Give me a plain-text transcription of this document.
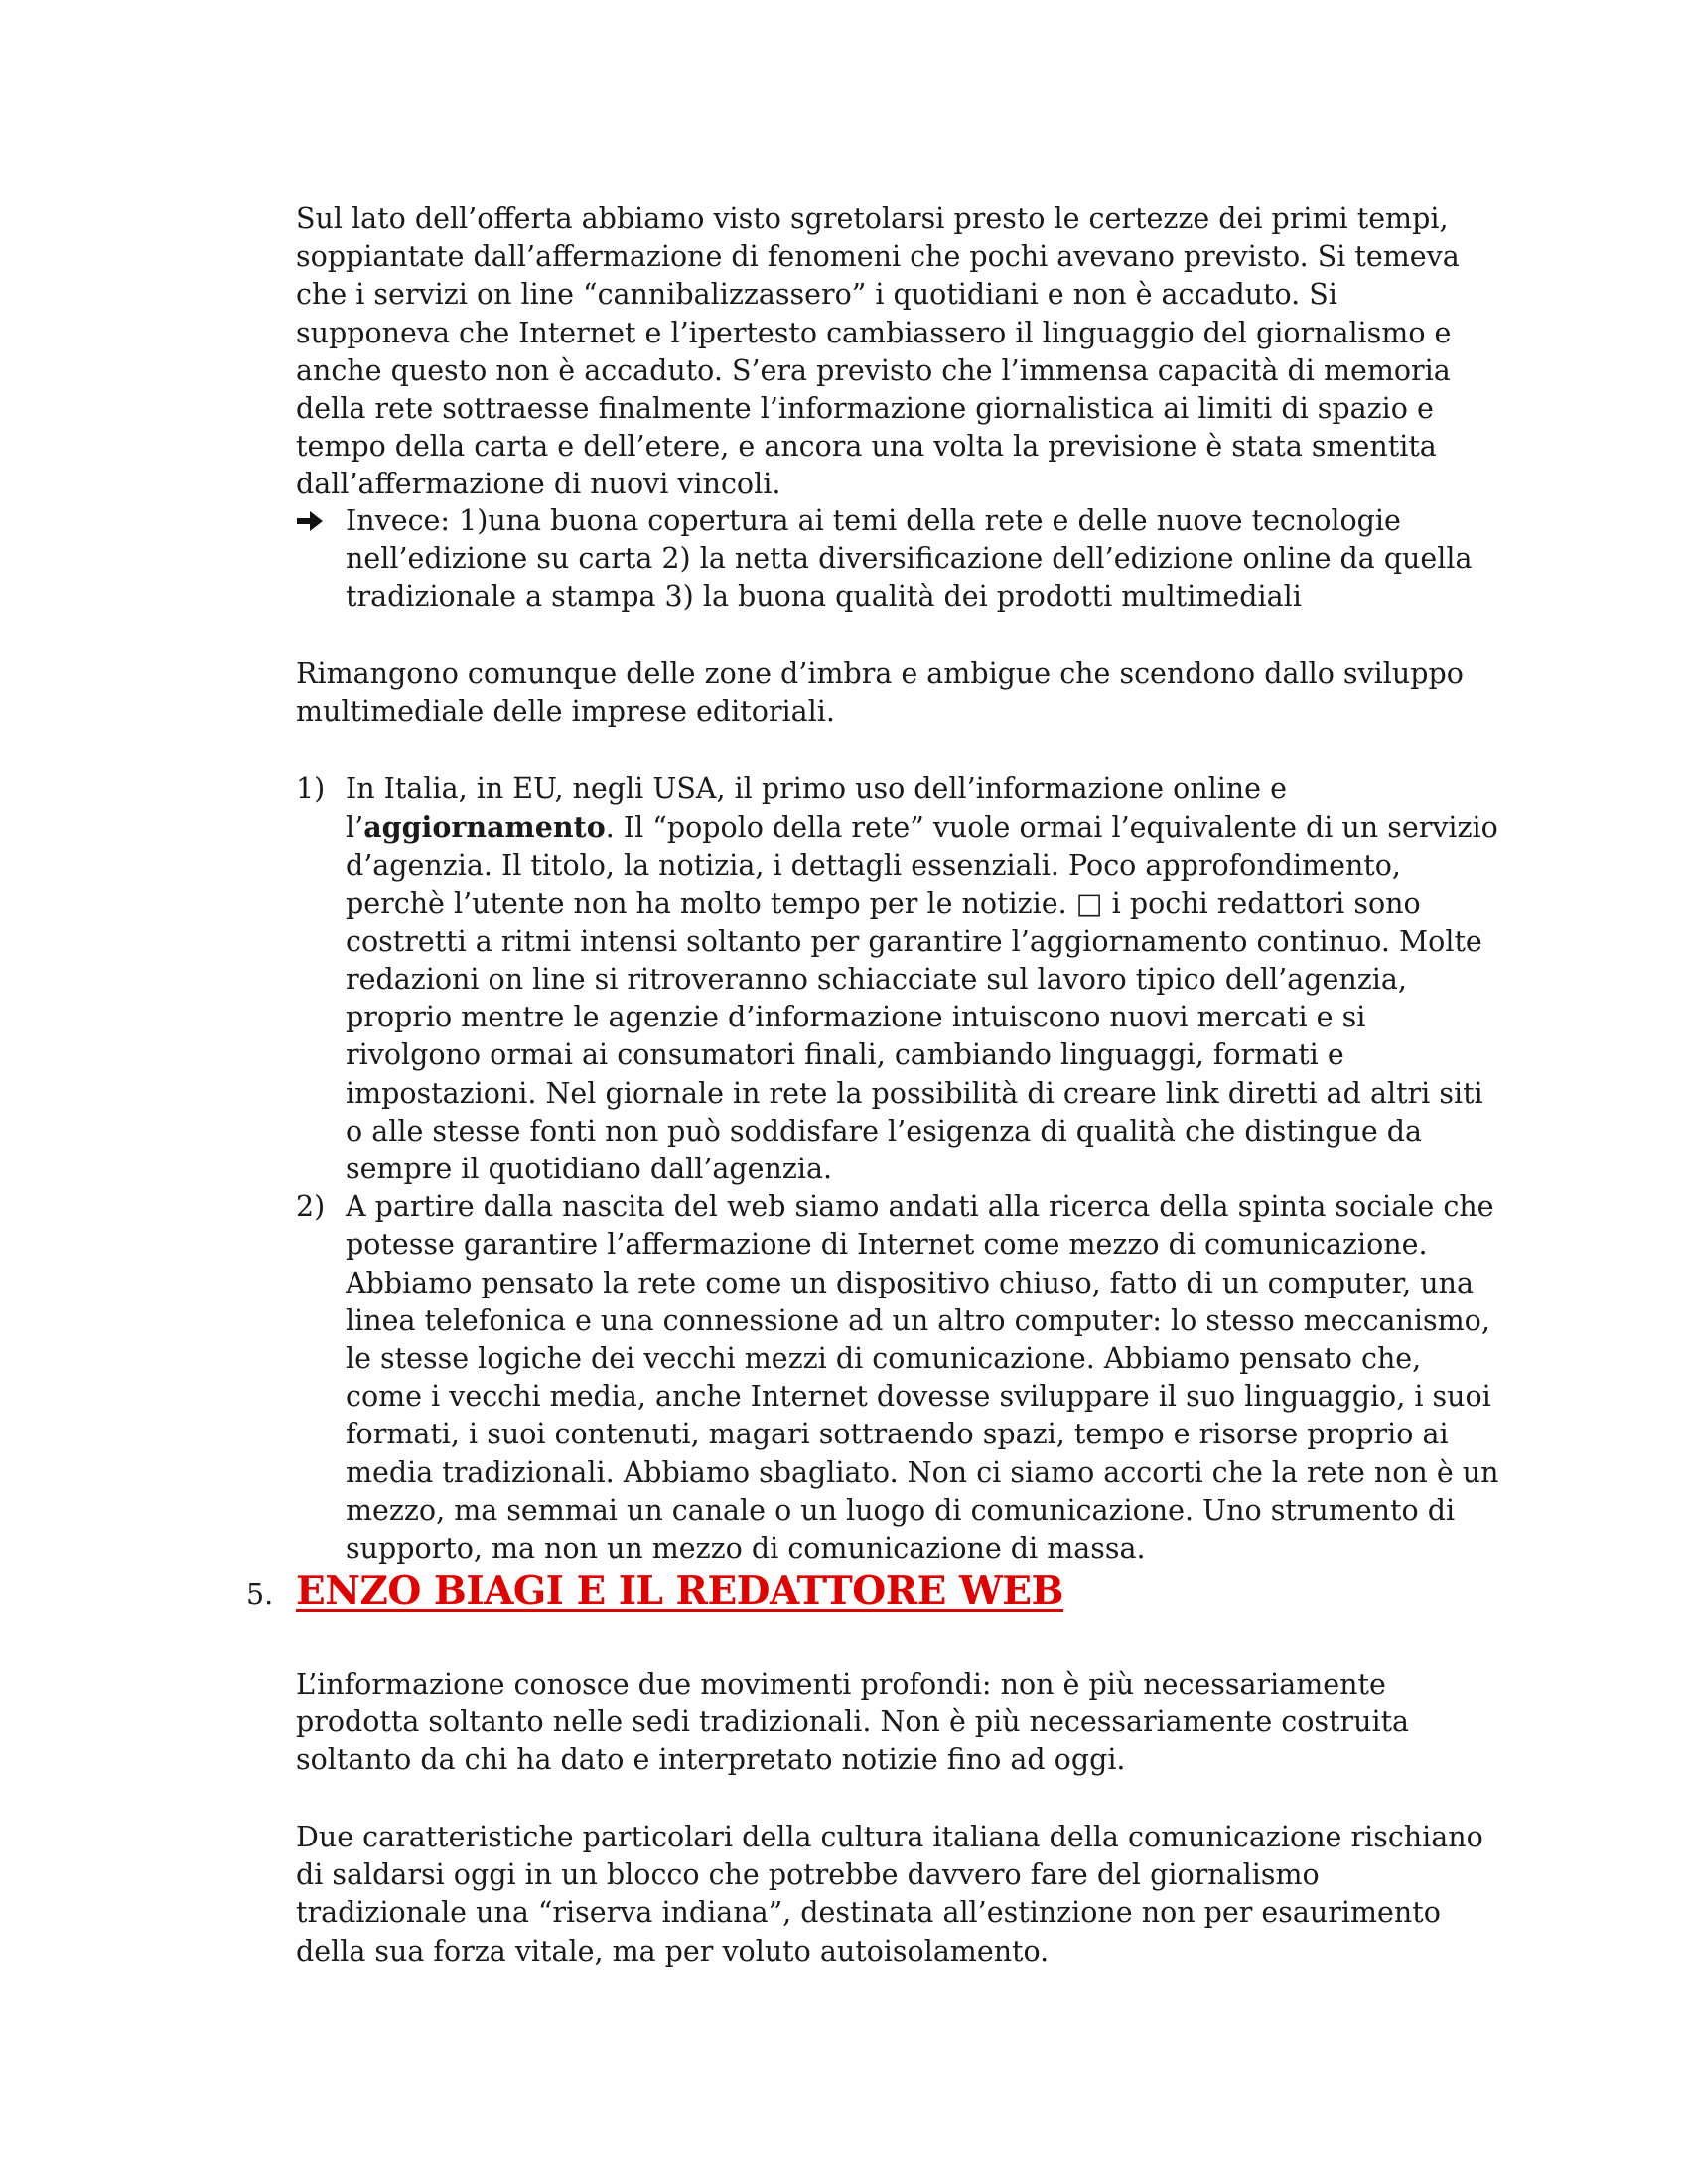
Sul lato dell’offerta abbiamo visto sgretolarsi presto le certezze dei primi tempi, soppiantate dall’affermazione di fenomeni che pochi avevano previsto. Si temeva che i servizi on line “cannibalizzassero” i quotidiani e non è accaduto. Si supponeva che Internet e l’ipertesto cambiassero il linguaggio del giornalismo e anche questo non è accaduto. S’era previsto che l’immensa capacità di memoria della rete sottraesse finalmente l’informazione giornalistica ai limiti di spazio e tempo della carta e dell’etere, e ancora una volta la previsione è stata smentita dall’affermazione di nuovi vincoli.

Invece: 1)una buona copertura ai temi della rete e delle nuove tecnologie nell’edizione su carta 2) la netta diversificazione dell’edizione online da quella tradizionale a stampa 3) la buona qualità dei prodotti multimediali

Rimangono comunque delle zone d’imbra e ambigue che scendono dallo sviluppo multimediale delle imprese editoriali.

1) In Italia, in EU, negli USA, il primo uso dell’informazione online e l’aggiornamento. Il “popolo della rete” vuole ormai l’equivalente di un servizio d’agenzia. Il titolo, la notizia, i dettagli essenziali. Poco approfondimento, perchè l’utente non ha molto tempo per le notizie. □ i pochi redattori sono costretti a ritmi intensi soltanto per garantire l’aggiornamento continuo. Molte redazioni on line si ritroveranno schiacciate sul lavoro tipico dell’agenzia, proprio mentre le agenzie d’informazione intuiscono nuovi mercati e si rivolgono ormai ai consumatori finali, cambiando linguaggi, formati e impostazioni. Nel giornale in rete la possibilità di creare link diretti ad altri siti o alle stesse fonti non può soddisfare l’esigenza di qualità che distingue da sempre il quotidiano dall’agenzia.

2) A partire dalla nascita del web siamo andati alla ricerca della spinta sociale che potesse garantire l’affermazione di Internet come mezzo di comunicazione. Abbiamo pensato la rete come un dispositivo chiuso, fatto di un computer, una linea telefonica e una connessione ad un altro computer: lo stesso meccanismo, le stesse logiche dei vecchi mezzi di comunicazione. Abbiamo pensato che, come i vecchi media, anche Internet dovesse sviluppare il suo linguaggio, i suoi formati, i suoi contenuti, magari sottraendo spazi, tempo e risorse proprio ai media tradizionali. Abbiamo sbagliato. Non ci siamo accorti che la rete non è un mezzo, ma semmai un canale o un luogo di comunicazione. Uno strumento di supporto, ma non un mezzo di comunicazione di massa.

5. ENZO BIAGI E IL REDATTORE WEB

L’informazione conosce due movimenti profondi: non è più necessariamente prodotta soltanto nelle sedi tradizionali. Non è più necessariamente costruita soltanto da chi ha dato e interpretato notizie fino ad oggi.

Due caratteristiche particolari della cultura italiana della comunicazione rischiano di saldarsi oggi in un blocco che potrebbe davvero fare del giornalismo tradizionale una “riserva indiana”, destinata all’estinzione non per esaurimento della sua forza vitale, ma per voluto autoisolamento.
